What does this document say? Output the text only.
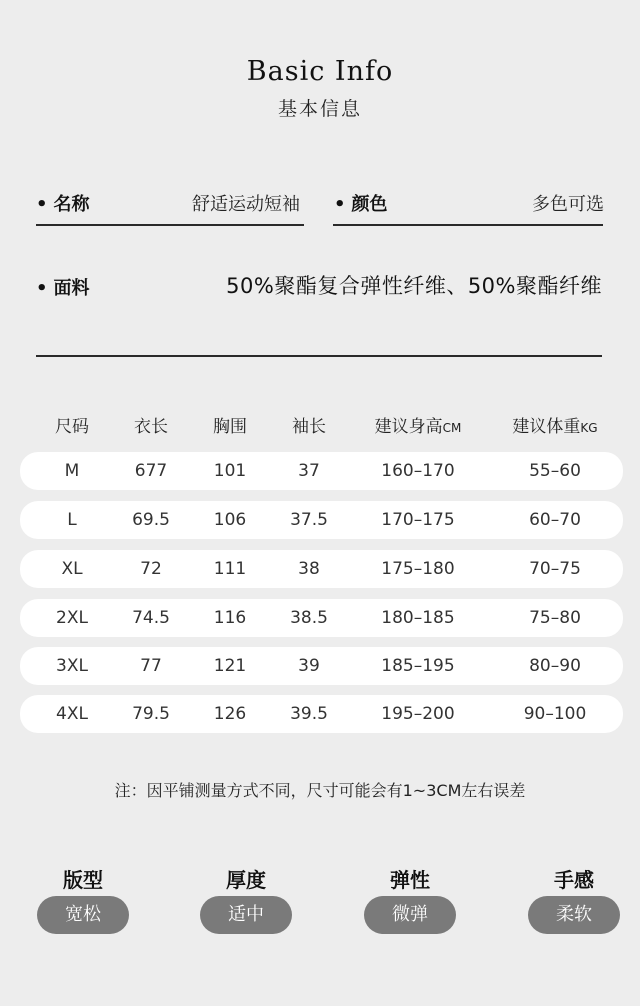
Basic Info
基本信息
• 名称	舒适运动短袖 • 颜色	多色可选
• 面料	50%聚酯复合弹性纤维、50%聚酯纤维
尺码	衣长	胸围	袖长	建议身高CM	建议体重KG
M	677	101	37	160–170	55–60
L	69.5	106	37.5	170–175	60–70
XL	72	111	38	175–180	70–75
2XL	74.5	116	38.5	180–185	75–80
3XL	77	121	39	185–195	80–90
4XL	79.5	126	39.5	195–200	90–100
注：因平铺测量方式不同，尺寸可能会有1~3CM左右误差
版型
宽松
厚度
适中
弹性
微弹
手感
柔软
